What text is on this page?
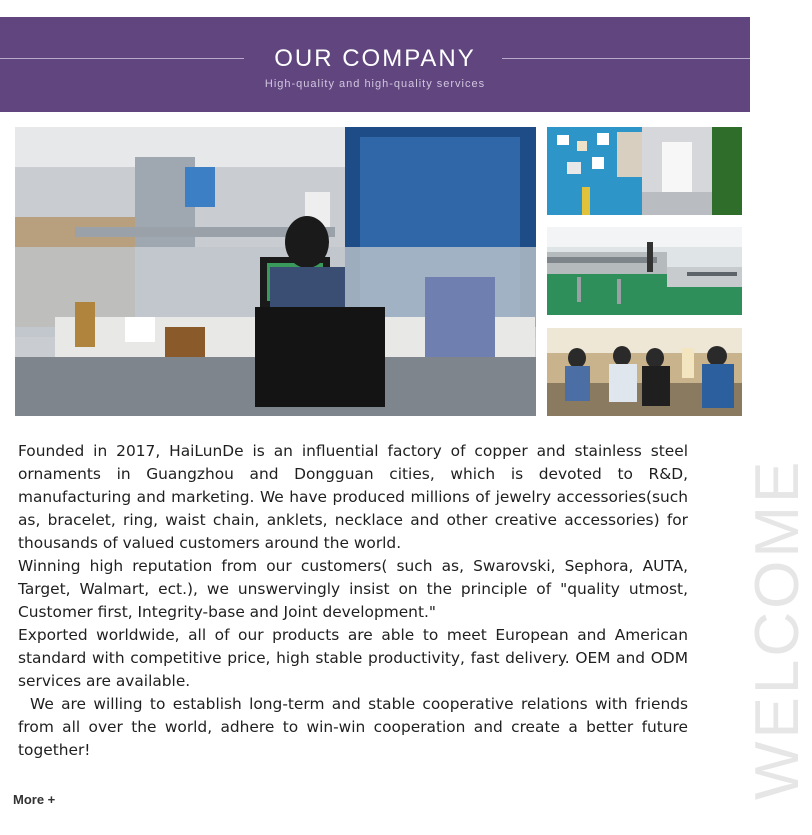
OUR COMPANY
High-quality and high-quality services
WELCOME

Founded in 2017, HaiLunDe is an influential factory of copper and stainless steel ornaments in Guangzhou and Dongguan cities, which is devoted to R&D, manufacturing and marketing. We have produced millions of jewelry accessories(such as, bracelet, ring, waist chain, anklets, necklace and other creative accessories) for thousands of valued customers around the world.

Winning high reputation from our customers( such as, Swarovski, Sephora, AUTA, Target, Walmart, ect.), we unswervingly insist on the principle of "quality utmost, Customer first, Integrity-base and Joint development."

Exported worldwide, all of our products are able to meet European and American standard with competitive price, high stable productivity, fast delivery. OEM and ODM services are available.

We are willing to establish long-term and stable cooperative relations with friends from all over the world, adhere to win-win cooperation and create a better future together!

More +
